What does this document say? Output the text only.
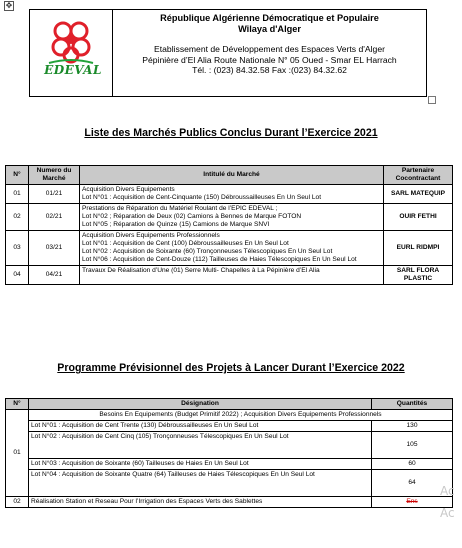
✥
EDEVAL

République Algérienne Démocratique et Populaire
Wilaya d'Alger
Etablissement de Développement des Espaces Verts d'Alger
Pépinière d’El Alia Route Nationale N° 05 Oued - Smar EL Harrach
Tél. : (023) 84.32.58 Fax :(023) 84.32.62
Liste des Marchés Publics Conclus Durant l’Exercice 2021
N°	Numero du Marché	Intitulé du Marché	Partenaire Cocontractant
01	01/21	Acquisition Divers Equipements
Lot N°01 : Acquisition de Cent-Cinquante (150) Débroussailleuses En Un Seul Lot	SARL MATEQUIP
02	02/21	Prestations de Réparation du Matériel Roulant de l’EPIC EDEVAL ;
Lot N°02 ; Réparation de Deux (02) Camions à Bennes de Marque FOTON
Lot N°05 ; Réparation de Quinze (15) Camions de Marque SNVI	OUIR FETHI
03	03/21	Acquisition Divers Equipements Professionnels
Lot N°01 : Acquisition de Cent (100) Débroussailleuses En Un Seul Lot
Lot N°02 : Acquisition de Soixante (60) Tronçonneuses Télescopiques En Un Seul Lot
Lot N°06 : Acquisition de Cent-Douze (112) Tailleuses de Haies Télescopiques En Un Seul Lot	EURL RIDMPI
04	04/21	Travaux De Réalisation d’Une (01) Serre Multi- Chapelles à La Pépinière d’El Alia	SARL FLORA PLASTIC
Programme Prévisionnel des Projets à Lancer Durant l’Exercice 2022
N°	Désignation	Quantités
01	Besoins En Equipements (Budget Primitif 2022) ; Acquisition Divers Equipements Professionnels	
	Lot N°01 : Acquisition de Cent Trente (130) Débroussailleuses En Un Seul Lot	130
	Lot N°02 : Acquisition de Cent Cinq (105) Tronçonneuses Télescopiques En Un Seul Lot	105
	Lot N°03 : Acquisition de Soixante (60) Tailleuses de Haies En Un Seul Lot	60
	Lot N°04 : Acquisition de Soixante Quatre (64) Tailleuses de Haies Télescopiques En Un Seul Lot	64
02	Réalisation Station et Reseau Pour l’Irrigation des Espaces Verts des Sablettes	Ens
Ac
Ac
